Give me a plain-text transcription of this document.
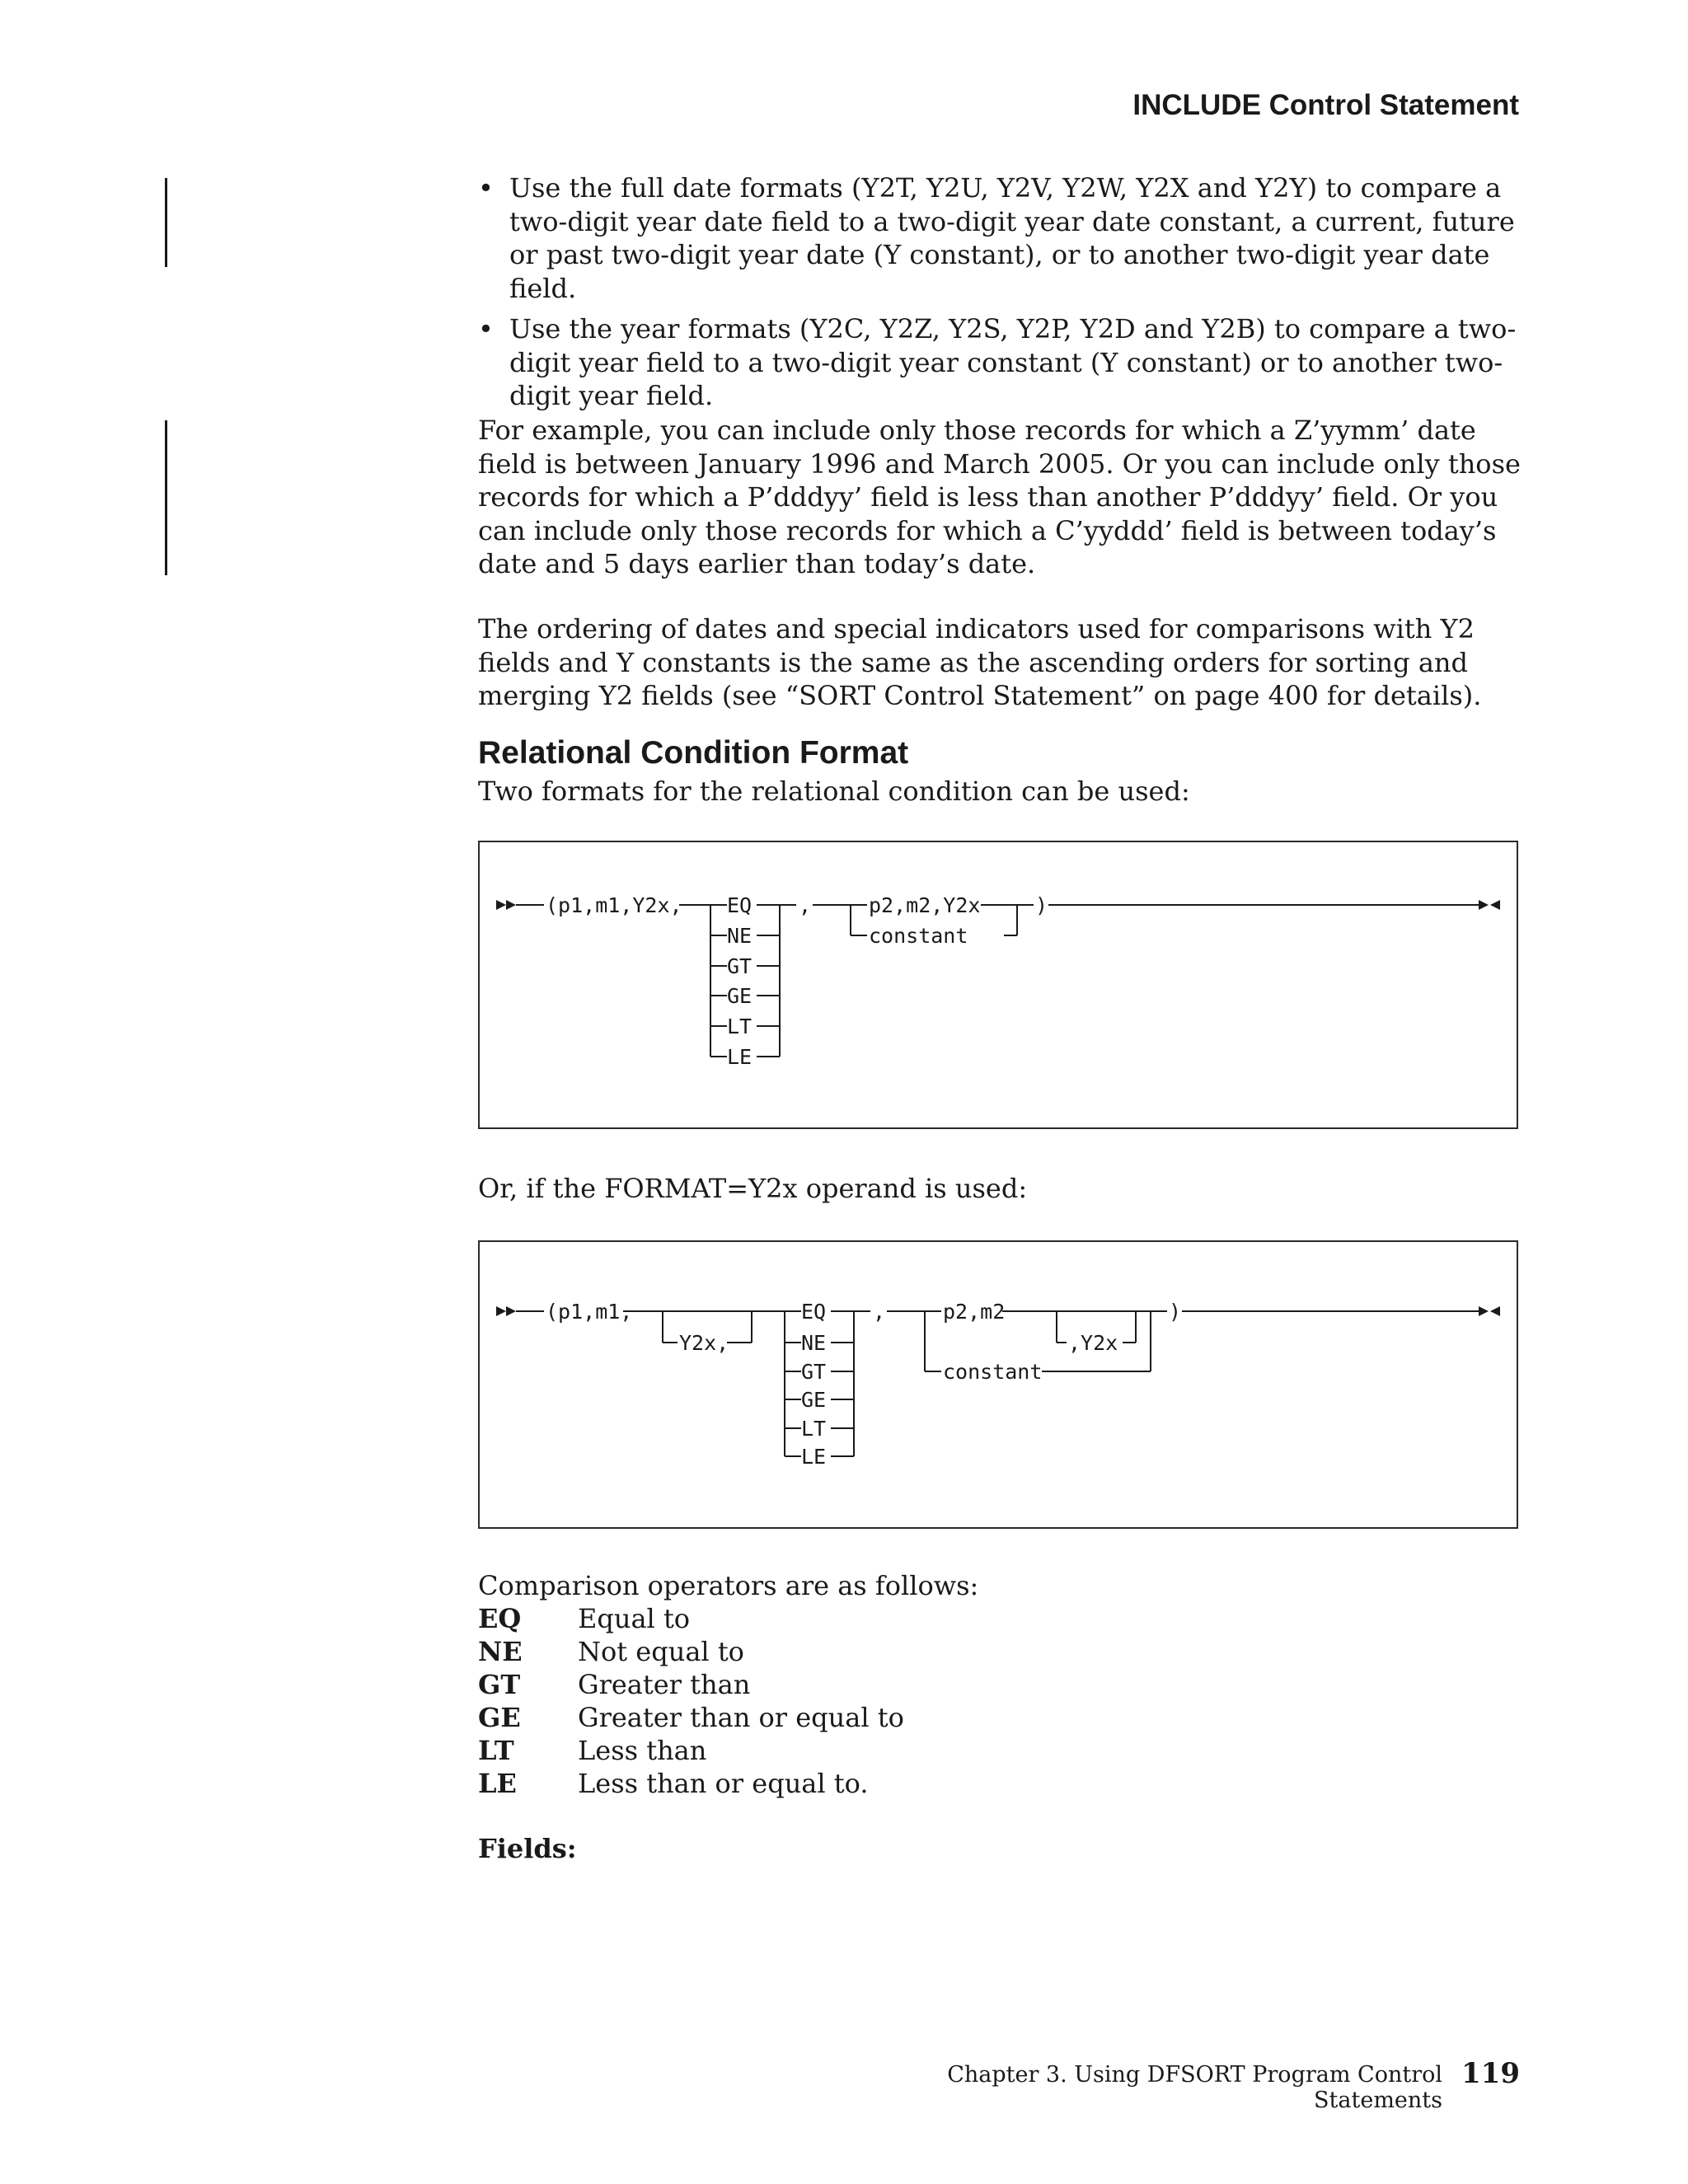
INCLUDE Control Statement
• Use the full date formats (Y2T, Y2U, Y2V, Y2W, Y2X and Y2Y) to compare a two-digit year date field to a two-digit year date constant, a current, future or past two-digit year date (Y constant), or to another two-digit year date field.
• Use the year formats (Y2C, Y2Z, Y2S, Y2P, Y2D and Y2B) to compare a two-digit year field to a two-digit year constant (Y constant) or to another two-digit year field.

For example, you can include only those records for which a Z’yymm’ date field is between January 1996 and March 2005. Or you can include only those records for which a P’dddyy’ field is less than another P’dddyy’ field. Or you can include only those records for which a C’yyddd’ field is between today’s date and 5 days earlier than today’s date.

The ordering of dates and special indicators used for comparisons with Y2 fields and Y constants is the same as the ascending orders for sorting and merging Y2 fields (see “SORT Control Statement” on page 400 for details).

Relational Condition Format

Two formats for the relational condition can be used:

(p1,m1,Y2x, EQ
NE
GT
GE
LT
LE
,	p2,m2,Y2x
constant
)

Or, if the FORMAT=Y2x operand is used:

(p1,m1,
Y2x,
EQ
NE
GT
GE
LT
LE
,	p2,m2
,Y2x
constant
)

Comparison operators are as follows:

EQ	Equal to
NE	Not equal to
GT	Greater than
GE	Greater than or equal to
LT	Less than
LE	Less than or equal to.
Fields:
Chapter 3. Using DFSORT Program Control Statements
119
